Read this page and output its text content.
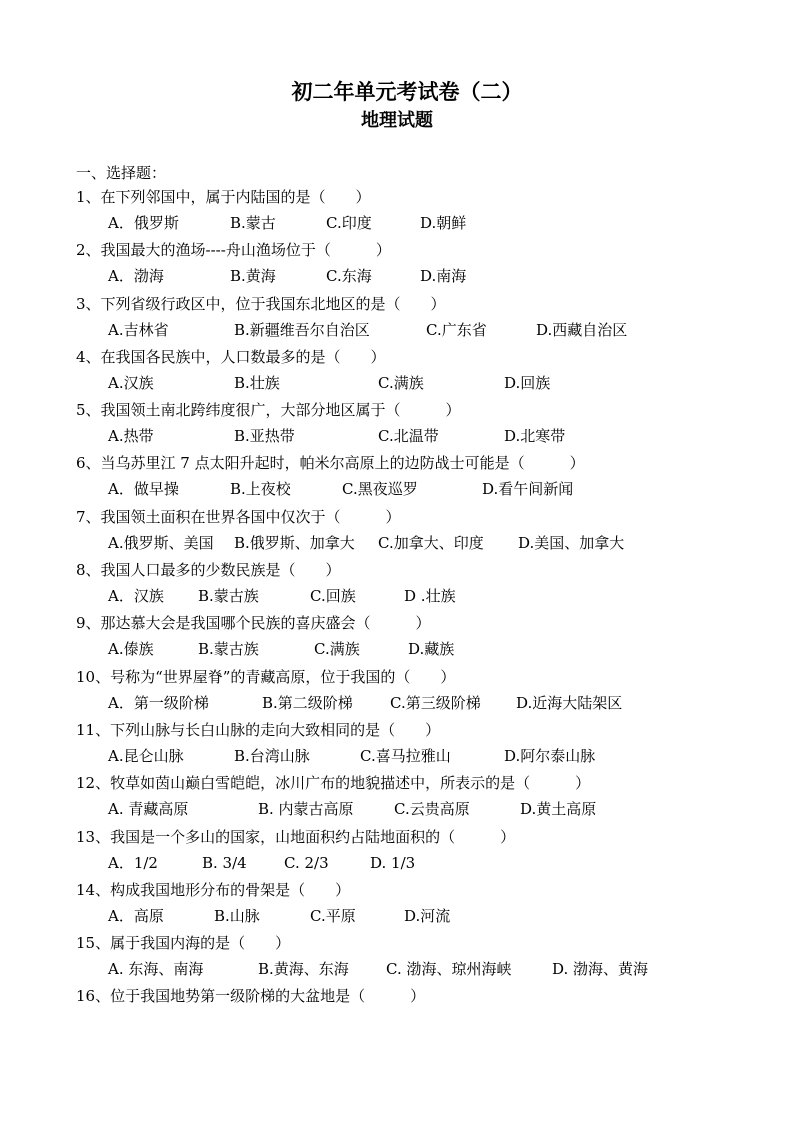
初二年单元考试卷（二）
地理试题
一、选择题：
1、在下列邻国中，属于内陆国的是（　　）
A．俄罗斯	B.蒙古	C.印度	D.朝鲜
2、我国最大的渔场----舟山渔场位于（　　　）
A．渤海	B.黄海	C.东海	D.南海
3、下列省级行政区中，位于我国东北地区的是（　　）
A.吉林省	B.新疆维吾尔自治区	C.广东省	D.西藏自治区
4、在我国各民族中，人口数最多的是（　　）
A.汉族	B.壮族	C.满族	D.回族
5、我国领土南北跨纬度很广，大部分地区属于（　　　）
A.热带	B.亚热带	C.北温带	D.北寒带
6、当乌苏里江 7 点太阳升起时，帕米尔高原上的边防战士可能是（　　　）
A．做早操	B.上夜校	C.黑夜巡罗	D.看午间新闻
7、我国领土面积在世界各国中仅次于（　　　）
A.俄罗斯、美国 B.俄罗斯、加拿大 C.加拿大、印度 D.美国、加拿大
8、我国人口最多的少数民族是（　　）
A．汉族 B.蒙古族	C.回族	D .壮族
9、那达慕大会是我国哪个民族的喜庆盛会（　　　）
A.傣族	B.蒙古族	C.满族	D.藏族
10、号称为“世界屋脊”的青藏高原，位于我国的（　　）
A．第一级阶梯	B.第二级阶梯 C.第三级阶梯 D.近海大陆架区
11、下列山脉与长白山脉的走向大致相同的是（　　）
A.昆仑山脉	B.台湾山脉	C.喜马拉雅山	D.阿尔泰山脉
12、牧草如茵山巅白雪皑皑，冰川广布的地貌描述中，所表示的是（　　　）
A. 青藏高原	B. 内蒙古高原	C.云贵高原	D.黄土高原
13、我国是一个多山的国家，山地面积约占陆地面积的（　　　）
A．1/2	B. 3/4 C. 2/3	D. 1/3
14、构成我国地形分布的骨架是（　　）
A．高原	B.山脉	C.平原	D.河流
15、属于我国内海的是（　　）
A. 东海、南海	B.黄海、东海 C. 渤海、琼州海峡	D. 渤海、黄海
16、位于我国地势第一级阶梯的大盆地是（　　　）
